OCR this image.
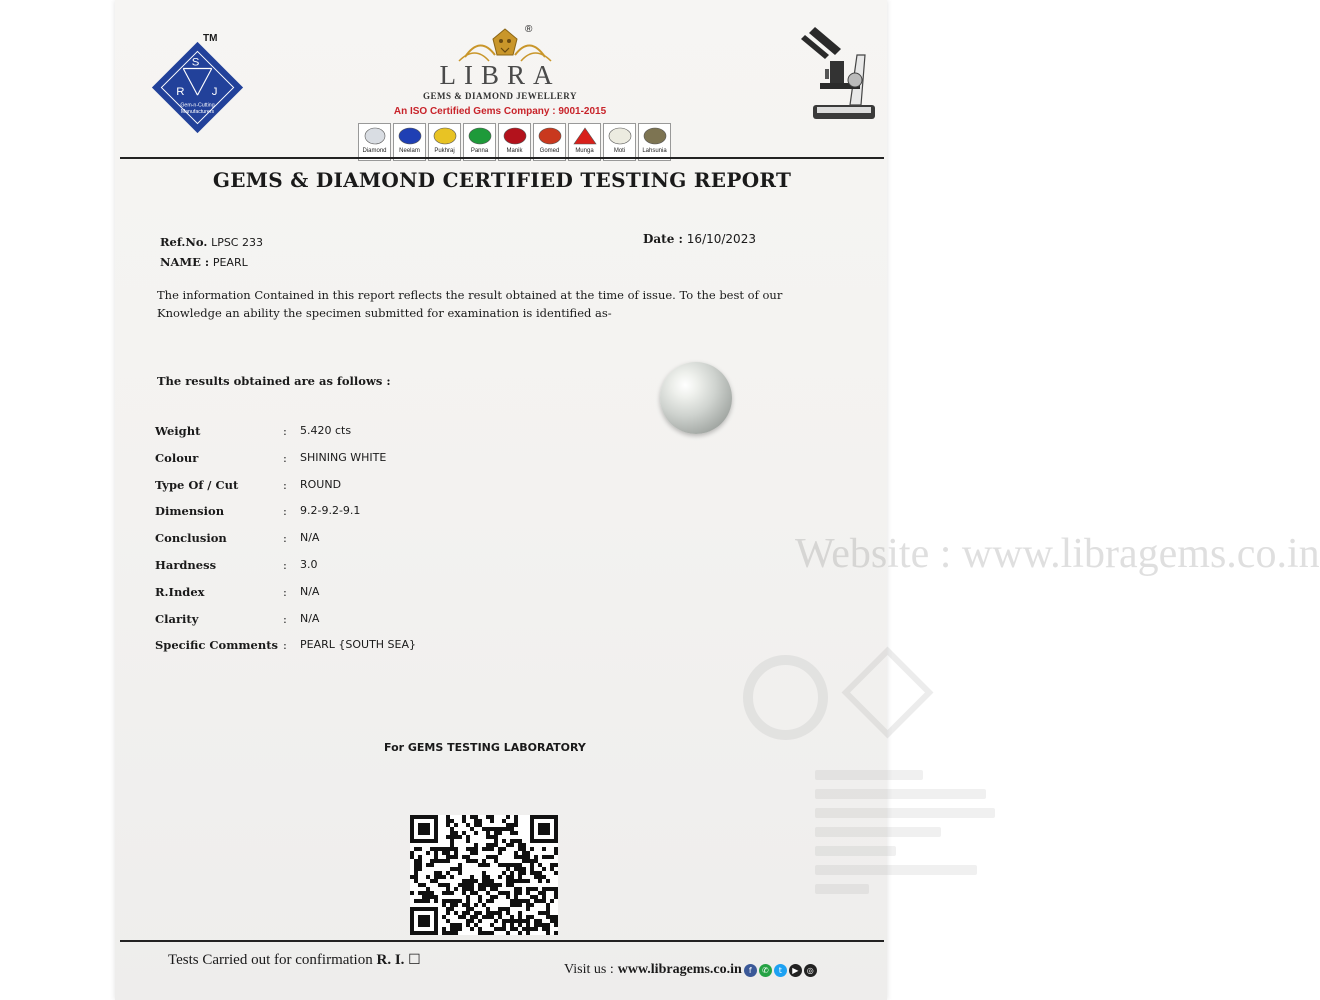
Website : www.libragems.co.in
S
R J
Gem-n-Cutting
Manufacturers
TM
®
LIBRA
GEMS & DIAMOND JEWELLERY
An ISO Certified Gems Company : 9001-2015
Diamond Neelam Pukhraj	Panna	Manik	Gomed	Munga	Moti	Lahsunia
GEMS & DIAMOND CERTIFIED TESTING REPORT
Ref.No. LPSC 233
NAME : PEARL
Date : 16/10/2023
The information Contained in this report reflects the result obtained at the time of issue. To the best of our Knowledge an ability the specimen submitted for examination is identified as-
The results obtained are as follows :
Weight	: 5.420 cts
Colour	: SHINING WHITE
Type Of / Cut	: ROUND
Dimension	: 9.2-9.2-9.1
Conclusion	: N/A
Hardness	: 3.0
R.Index	: N/A
Clarity	: N/A
Specific Comments : PEARL {SOUTH SEA}
For GEMS TESTING LABORATORY
Tests Carried out for confirmation R. I. ☐
Visit us : www.libragems.co.in f	✆	t	▶	◎
